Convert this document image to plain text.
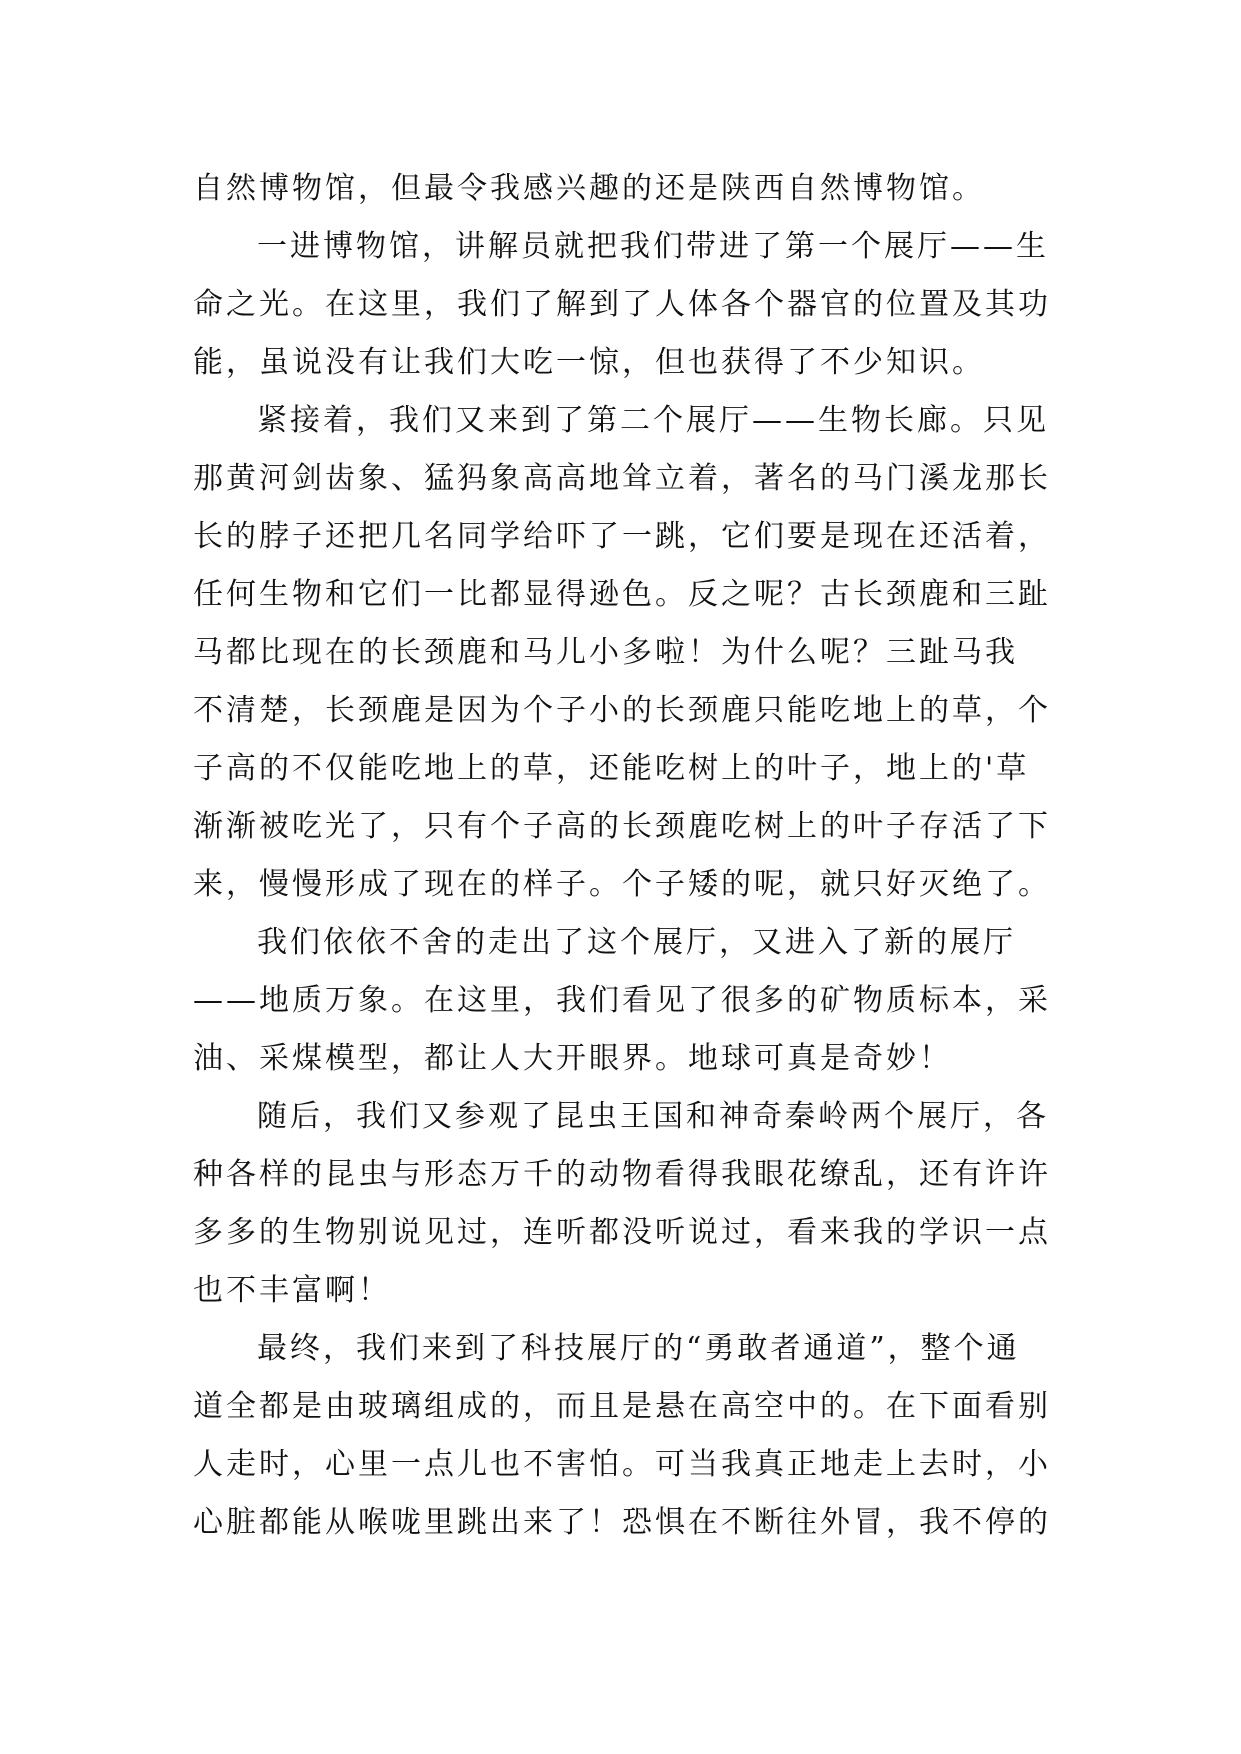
自然博物馆，但最令我感兴趣的还是陕西自然博物馆。
一进博物馆，讲解员就把我们带进了第一个展厅——生
命之光。在这里，我们了解到了人体各个器官的位置及其功
能，虽说没有让我们大吃一惊，但也获得了不少知识。
紧接着，我们又来到了第二个展厅——生物长廊。只见
那黄河剑齿象、猛犸象高高地耸立着，著名的马门溪龙那长
长的脖子还把几名同学给吓了一跳，它们要是现在还活着，
任何生物和它们一比都显得逊色。反之呢？古长颈鹿和三趾
马都比现在的长颈鹿和马儿小多啦！为什么呢？三趾马我
不清楚，长颈鹿是因为个子小的长颈鹿只能吃地上的草，个
子高的不仅能吃地上的草，还能吃树上的叶子，地上的'草
渐渐被吃光了，只有个子高的长颈鹿吃树上的叶子存活了下
来，慢慢形成了现在的样子。个子矮的呢，就只好灭绝了。
我们依依不舍的走出了这个展厅，又进入了新的展厅
——地质万象。在这里，我们看见了很多的矿物质标本，采
油、采煤模型，都让人大开眼界。地球可真是奇妙！
随后，我们又参观了昆虫王国和神奇秦岭两个展厅，各
种各样的昆虫与形态万千的动物看得我眼花缭乱，还有许许
多多的生物别说见过，连听都没听说过，看来我的学识一点
也不丰富啊！
最终，我们来到了科技展厅的“勇敢者通道”，整个通
道全都是由玻璃组成的，而且是悬在高空中的。在下面看别
人走时，心里一点儿也不害怕。可当我真正地走上去时，小
心脏都能从喉咙里跳出来了！恐惧在不断往外冒，我不停的
